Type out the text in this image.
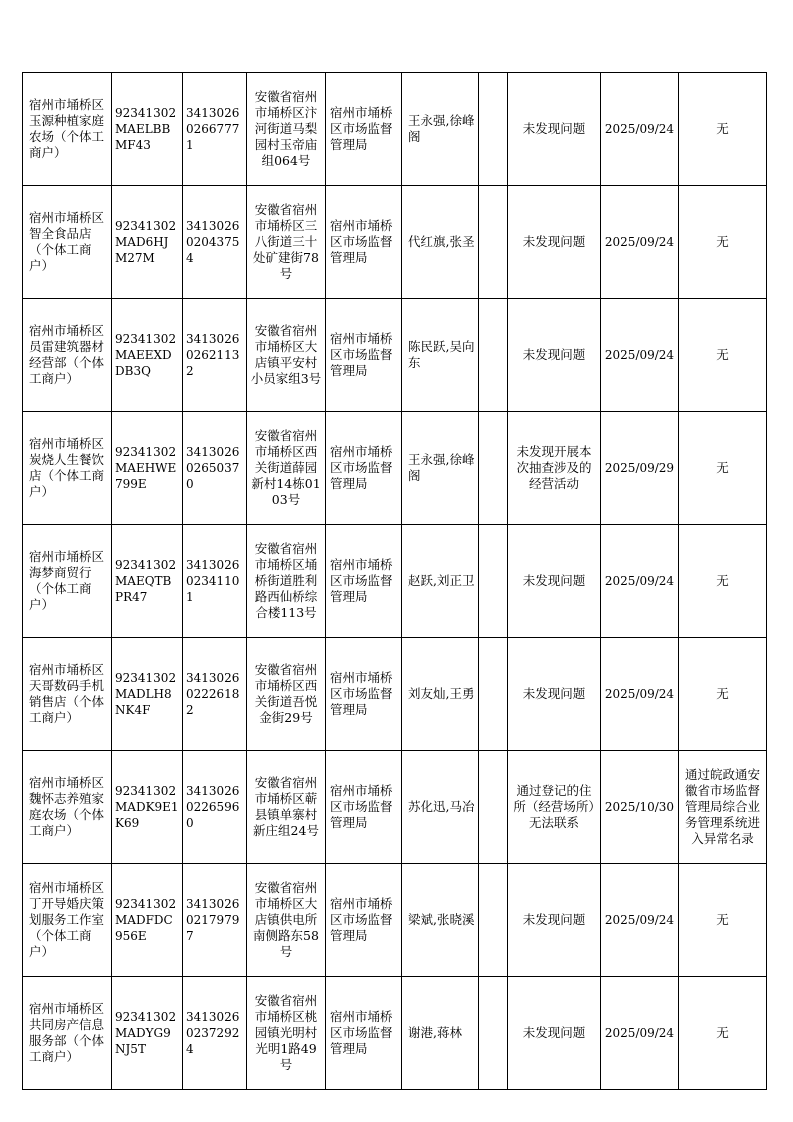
宿州市埇桥区玉源种植家庭农场（个体工商户）	92341302MAELBBMF43	341302602667771	安徽省宿州市埇桥区汴河街道马梨园村玉帝庙组064号	宿州市埇桥区市场监督管理局	王永强,徐峰阁		未发现问题	2025/09/24	无
宿州市埇桥区智全食品店（个体工商户）	92341302MAD6HJM27M	341302602043754	安徽省宿州市埇桥区三八街道三十处矿建街78号	宿州市埇桥区市场监督管理局	代红旗,张圣		未发现问题	2025/09/24	无
宿州市埇桥区员雷建筑器材经营部（个体工商户）	92341302MAEEXDDB3Q	341302602621132	安徽省宿州市埇桥区大店镇平安村小员家组3号	宿州市埇桥区市场监督管理局	陈民跃,吴向东		未发现问题	2025/09/24	无
宿州市埇桥区炭烧人生餐饮店（个体工商户）	92341302MAEHWE799E	341302602650370	安徽省宿州市埇桥区西关街道薛园新村14栋0103号	宿州市埇桥区市场监督管理局	王永强,徐峰阁		未发现开展本次抽查涉及的经营活动	2025/09/29	无
宿州市埇桥区海梦商贸行（个体工商户）	92341302MAEQTBPR47	341302602341101	安徽省宿州市埇桥区埇桥街道胜利路西仙桥综合楼113号	宿州市埇桥区市场监督管理局	赵跃,刘正卫		未发现问题	2025/09/24	无
宿州市埇桥区天哥数码手机销售店（个体工商户）	92341302MADLH8NK4F	341302602226182	安徽省宿州市埇桥区西关街道吾悦金街29号	宿州市埇桥区市场监督管理局	刘友灿,王勇		未发现问题	2025/09/24	无
宿州市埇桥区魏怀志养殖家庭农场（个体工商户）	92341302MADK9E1K69	341302602265960	安徽省宿州市埇桥区蕲县镇单寨村新庄组24号	宿州市埇桥区市场监督管理局	苏化迅,马冶		通过登记的住所（经营场所）无法联系	2025/10/30	通过皖政通安徽省市场监督管理局综合业务管理系统进入异常名录
宿州市埇桥区丁开导婚庆策划服务工作室（个体工商户）	92341302MADFDC956E	341302602179797	安徽省宿州市埇桥区大店镇供电所南侧路东58号	宿州市埇桥区市场监督管理局	梁斌,张晓溪		未发现问题	2025/09/24	无
宿州市埇桥区共同房产信息服务部（个体工商户）	92341302MADYG9NJ5T	341302602372924	安徽省宿州市埇桥区桃园镇光明村光明1路49号	宿州市埇桥区市场监督管理局	谢港,蒋林		未发现问题	2025/09/24	无
